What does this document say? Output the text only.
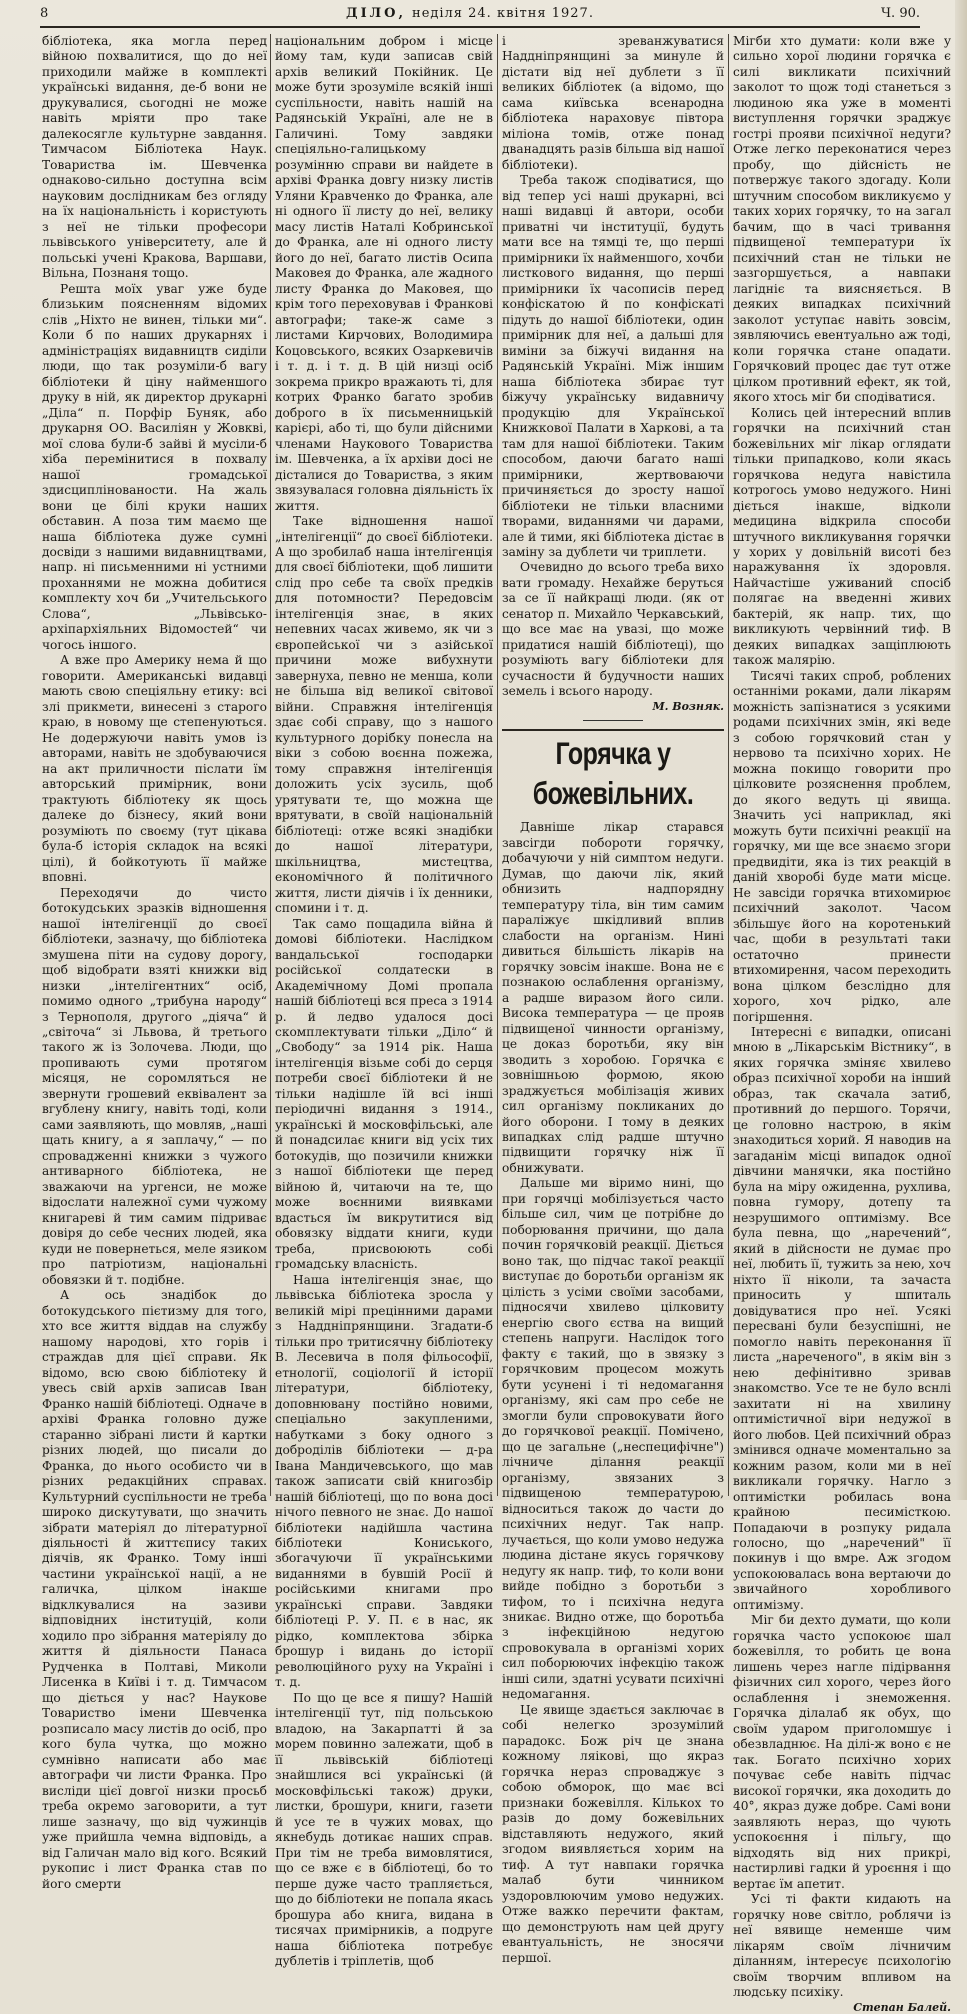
8	ДІЛО, неділя 24. квітня 1927.	Ч. 90.

бібліотека, яка могла перед війною похвалитися, що до неї приходили майже в комплекті українські видання, де-б вони не друкувалися, сьогодні не може навіть мріяти про таке далекосягле культурне завдання. Тимчасом Бібліотека Наук. Товариства ім. Шевченка однаково-сильно доступна всім науковим дослідникам без огляду на їх національність і користують з неї не тільки професори львівського університету, але й польські учені Кракова, Варшави, Вільна, Познаня тощо.

Решта моїх уваг уже буде близьким поясненням відомих слів „Ніхто не винен, тільки ми“. Коли б по наших друкарнях і адміністраціях видавництв сиділи люди, що так розуміли-б вагу бібліотеки й ціну найменшого друку в ній, як директор друкарні „Діла“ п. Порфір Буняк, або друкарня ОО. Василіян у Жовкві, мої слова були-б зайві й мусіли-б хіба перемінитися в похвалу нашої громадської здисциплінованости. На жаль вони це білі круки наших обставин. А поза тим маємо ще наша бібліотека дуже сумні досвіди з нашими видавництвами, напр. ні письменними ні устними проханнями не можна добитися комплекту хоч би „Учительського Слова“, „Львівсько-архіпархіяльних Відомостей“ чи чогось іншого.

А вже про Америку нема й що говорити. Американські видавці мають свою спеціяльну етику: всі злі прикмети, винесені з старого краю, в новому ще степенуються. Не додержуючи навіть умов із авторами, навіть не здобуваючися на акт приличности післати їм авторський примірник, вони трактують бібліотеку як щось далеке до бізнесу, який вони розуміють по своєму (тут цікава була-б історія складок на всякі цілі), й бойкотують її майже вповні.

Переходячи до чисто ботокудських зразків відношення нашої інтелігенції до своєї бібліотеки, зазначу, що бібліотека змушена піти на судову дорогу, щоб відобрати взяті книжки від низки „інтелігентних“ осіб, помимо одного „трибуна народу“ з Тернополя, другого „діяча“ й „світоча“ зі Львова, й третього такого ж із Золочева. Люди, що пропивають суми протягом місяця, не соромляться не звернути грошевий еквівалент за вгублену книгу, навіть тоді, коли сами заявляють, що мовляв, „наші щать книгу, а я заплачу,“ — по спровадженні книжки з чужого антиварного бібліотека, не зважаючи на ургенси, не може відослати належної суми чужому книгареві й тим самим підриває довіря до себе чесних людей, яка куди не повернеться, меле язиком про патріотизм, національні обовязки й т. подібне.

А ось знадібок до ботокудського пієтизму для того, хто все життя віддав на службу нашому народові, хто горів і страждав для цієї справи. Як відомо, всю свою бібліотеку й увесь свій архів записав Іван Франко нашій бібліотеці. Одначе в архіві Франка головно дуже старанно зібрані листи й картки різних людей, що писали до Франка, до нього особисто чи в різних редакційних справах. Культурний суспільности не треба широко дискутувати, що значить зібрати матеріял до літературної діяльності й життєпису таких діячів, як Франко. Тому інші частини української нації, а не галичка, цілком інакше відклкувалися на зазиви відповідних інституцій, коли ходило про зібрання матеріялу до життя й діяльности Панаса Рудченка в Полтаві, Миколи Лисенка в Київі і т. д. Тимчасом що діється у нас? Наукове Товариство імени Шевченка розписало масу листів до осіб, про кого була чутка, що можно сумнівно написати або має автографи чи листи Франка. Про висліди цієї довгої низки просьб треба окремо заговорити, а тут лише зазначу, що від чужинців уже прийшла чемна відповідь, а від Галичан мало від кого. Всякий рукопис і лист Франка став по його смерти

національним добром і місце йому там, куди записав свій архів великий Покійник. Це може бути зрозуміле всякій інші суспільности, навіть нашій на Радянській Україні, але не в Галичині. Тому завдяки спеціяльно-галицькому розумінню справи ви найдете в архіві Франка довгу низку листів Уляни Кравченко до Франка, але ні одного її листу до неї, велику масу листів Наталі Кобринської до Франка, але ні одного листу його до неї, багато листів Осипа Маковея до Франка, але жадного листу Франка до Маковея, що крім того переховував і Франкові автографи; таке-ж саме з листами Кирчових, Володимира Коцовського, всяких Озаркевичів і т. д. і т. д. В цій низці осіб зокрема прикро вражають ті, для котрих Франко багато зробив доброго в їх письменницькій карієрі, або ті, що були дійсними членами Наукового Товариства ім. Шевченка, а їх архіви досі не дісталися до Товариства, з яким звязувалася головна діяльність їх життя.

Таке відношення нашої „інтелігенції“ до своєї бібліотеки. А що зробилаб наша інтелігенція для своєї бібліотеки, щоб лишити слід про себе та своїх предків для потомности? Передовсім інтелігенція знає, в яких непевних часах живемо, як чи з європейської чи з азійської причини може вибухнути завернуха, певно не менша, коли не більша від великої світової війни. Справжня інтелігенція здає собі справу, що з нашого культурного дорібку понесла на віки з собою воєнна пожежа, тому справжня інтелігенція доложить усіх зусиль, щоб урятувати те, що можна ще врятувати, в своїй національній бібліотеці: отже всякі знадібки до нашої літератури, шкільництва, мистецтва, економічного й політичного життя, листи діячів і їх денники, спомини і т. д.

Так само пощадила війна й домові бібліотеки. Наслідком вандальської господарки російської солдатески в Академічному Домі пропала нашій бібліотеці вся преса з 1914 р. й ледво удалося досі скомплектувати тільки „Діло“ й „Свободу“ за 1914 рік. Наша інтелігенція візьме собі до серця потреби своєї бібліотеки й не тільки надішле їй всі інші періодичні видання з 1914., українські й московфільські, але й понадсилає книги від усіх тих ботокудів, що позичили книжки з нашої бібліотеки ще перед війною й, читаючи на те, що може воєнними виявками вдасться їм викрутитися від обовязку віддати книги, куди треба, присвоюють собі громадську власність.

Наша інтелігенція знає, що львівська бібліотека зросла у великій мірі прецінними дарами з Наддніпрянщини. Згадати-б тільки про тритисячну бібліотеку В. Лесевича в поля фільософії, етнології, соціології й історії літератури, бібліотеку, доповнювану постійно новими, спеціально закупленими, набутками з боку одного з доброділів бібліотеки — д-ра Івана Мандичевського, що мав також записати свій книгозбір нашій бібліотеці, що по вона досі нічого певного не знає. До нашої бібліотеки надійшла частина бібліотеки Кониського, збогачуючи її українськими виданнями в бувшій Росії й російськими книгами про українські справи. Завдяки бібліотеці Р. У. П. є в нас, як рідко, комплектова збірка брошур і видань до історії революційного руху на Україні і т. д.

По що це все я пишу? Нашій інтелігенції тут, під польською владою, на Закарпатті й за морем повинно залежати, щоб в її львівській бібліотеці знайшлися всі українські (й московфільські також) друки, листки, брошури, книги, газети й усе те в чужих мовах, що якнебудь дотикає наших справ. При тім не треба вимовлятися, що се вже є в бібліотеці, бо то перше дуже часто трапляється, що до бібліотеки не попала якась брошура або книга, видана в тисячах примірників, а подруге наша бібліотека потребує дублетів і тріплетів, щоб

і зреванжуватися Наддніпрянщині за минуле й дістати від неї дублети з її великих бібліотек (а відомо, що сама київська всенародна бібліотека нараховує півтора міліона томів, отже понад дванадцять разів більша від нашої бібліотеки).

Треба також сподіватися, що від тепер усі наші друкарні, всі наші видавці й автори, особи приватні чи інституції, будуть мати все на тямці те, що перші примірники їх найменшого, хочби листкового видання, що перші примірники їх часописів перед конфіскатою й по конфіскаті підуть до нашої бібліотеки, один примірник для неї, а дальші для виміни за біжучі видання на Радянській Україні. Між іншим наша бібліотека збирає тут біжучу українську видавничу продукцію для Української Книжкової Палати в Харкові, а та там для нашої бібліотеки. Таким способом, даючи багато наші примірники, жертвоваючи причиняється до зросту нашої бібліотеки не тільки власними творами, виданнями чи дарами, але й тими, які бібліотека дістає в заміну за дублети чи триплети.

Очевидно до всього треба вихо вати громаду. Нехайже беруться за се її найкращі люди. (як от сенатор п. Михайло Черкавський, що все має на увазі, що може придатися нашій бібліотеці), що розуміють вагу бібліотеки для сучасности й будучности наших земель і всього народу.

М. Возняк.

Горячка у божевільних.

Давніше лікар старався завсігди побороти горячку, добачуючи у ній симптом недуги. Думав, що даючи лік, який обнизить надпорядну температуру тіла, він тим самим параліжує шкідливий вплив слабости на організм. Нині дивиться більшість лікарів на горячку зовсім інакше. Вона не є познакою ослаблення організму, а радше виразом його сили. Висока температура — це прояв підвищеної чинности організму, це доказ боротьби, яку він зводить з хоробою. Горячка є зовнішньою формою, якою зраджується мобілізація живих сил організму покликаних до його оборони. І тому в деяких випадках слід радше штучно підвищити горячку ніж її обнижувати.

Дальше ми віримо нині, що при горячці мобілізується часто більше сил, чим це потрібне до поборювання причини, що дала почин горячковій реакції. Діється воно так, що підчас такої реакції виступає до боротьби організм як цілість з усіми своїми засобами, підносячи хвилево цілковиту енергію свого єства на вищий степень напруги. Наслідок того факту є такий, що в звязку з горячковим процесом можуть бути усунені і ті недомагання організму, які сам про себе не змогли були спровокувати його до горячкової реакції. Помічено, що це загальне („неспецифічне") лічниче ділання реакції організму, звязаних з підвищеною температурою, відноситься також до части до психічних недуг. Так напр. лучається, що коли умово недужа людина дістане якусь горячкову недугу як напр. тиф, то коли вони вийде побідно з боротьби з тифом, то і психічна недуга зникає. Видно отже, що боротьба з інфекційною недугою спровокувала в організмі хорих сил поборюючих інфекцію також інші сили, здатні усувати психічні недомагання.

Це явище здається заключає в собі нелегко зрозумілий парадокс. Бож річ це знана кожному ляікові, що якраз горячка нераз спроваджує з собою обморок, що має всі признаки божевілля. Кількох то разів до дому божевільних відставляють недужого, який згодом виявляється хорим на тиф. А тут навпаки горячка малаб бути чинником уздоровлюючим умово недужих. Отже важко перечити фактам, що демонструють нам цей другу евантуальність, не зносячи першої.

Мігби хто думати: коли вже у сильно хорої людини горячка є силі викликати психічний заколот то щож тоді станеться з людиною яка уже в моменті виступлення горячки зраджує гострі прояви психічної недуги? Отже легко переконатися через пробу, що дійсність не потвержує такого здогаду. Коли штучним способом викликуємо у таких хорих горячку, то на загал бачим, що в часі тривання підвищеної температури їх психічний стан не тільки не зазгоршується, а навпаки лагідніє та виясняється. В деяких випадках психічний заколот уступає навіть зовсім, зявляючись евентуально аж тоді, коли горячка стане опадати. Горячковий процес дає тут отже цілком противний ефект, як той, якого хтось міг би сподіватися.

Колись цей інтересний вплив горячки на психічний стан божевільних міг лікар оглядати тільки припадково, коли якась горячкова недуга навістила котрогось умово недужого. Нині діється інакше, відколи медицина відкрила способи штучного викликування горячки у хорих у довільній висоті без наражування їх здоровля. Найчастіше уживаний спосіб полягає на введенні живих бактерій, як напр. тих, що викликують червінний тиф. В деяких випадках защіплюють також малярію.

Тисячі таких спроб, роблених останніми роками, дали лікарям можність запізнатися з усякими родами психічних змін, які веде з собою горячковий стан у нервово та психічно хорих. Не можна покищо говорити про цілковите розяснення проблем, до якого ведуть ці явища. Значить усі наприклад, які можуть бути психічні реакції на горячку, ми ще все знаємо згори предвидіти, яка із тих реакцій в даній хворобі буде мати місце. Не завсіди горячка втихомирює психічний заколот. Часом збільшує його на коротенький час, щоби в результаті таки остаточно принести втихомирення, часом переходить вона цілком безслідно для хорого, хоч рідко, але погіршення.

Інтересні є випадки, описані мною в „Лікарськім Вістнику“, в яких горячка зміняє хвилево образ психічної хороби на інший образ, так скачала затиб, противний до першого. Торячи, це головно настрою, в якім знаходиться хорий. Я наводив на загаданім місці випадок одної дівчини манячки, яка постійно була на міру ожиденна, рухлива, повна гумору, дотепу та незрушимого оптимізму. Все була певна, що „наречений“, який в дійсности не думає про неї, любить її, тужить за нею, хоч ніхто її ніколи, та зачаста приносить у шпиталь довідуватися про неї. Усякі пересвані були безуспішні, не помогло навіть переконання її листа „нареченого", в якім він з нею дефінітивно зривав знакомство. Усе те не було вснлі захитати ні на хвилину оптимістичної віри недужої в його любов. Цей психічний образ змінився одначе моментально за кожним разом, коли ми в неї викликали горячку. Нагло з оптимістки робилась вона крайною песимісткою. Попадаючи в розпуку ридала голосно, що „наречений" її покинув і що вмре. Аж згодом успокоювалась вона вертаючи до звичайного хоробливого оптимізму.

Міг би дехто думати, що коли горячка часто успокоює шал божевілля, то робить це вона лишень через нагле підірвання фізичних сил хорого, через його ослаблення і знеможення. Горячка ділалаб як обух, що своїм ударом приголомшує і обезвладнює. На ділі-ж воно є не так. Богато психічно хорих почуває себе навіть підчас високої горячки, яка доходить до 40°, якраз дуже добре. Самі вони заявляють нераз, що чують успокоєння і пільгу, що відходять від них прикрі, настирливі гадки й уроєння і що вертає їм апетит.

Усі ті факти кидають на горячку нове світло, роблячи із неї вявище неменше чим лікарям своїм лічничим діланням, інтересує психологію своїм творчим впливом на людську психіку.

Степан Балей.
